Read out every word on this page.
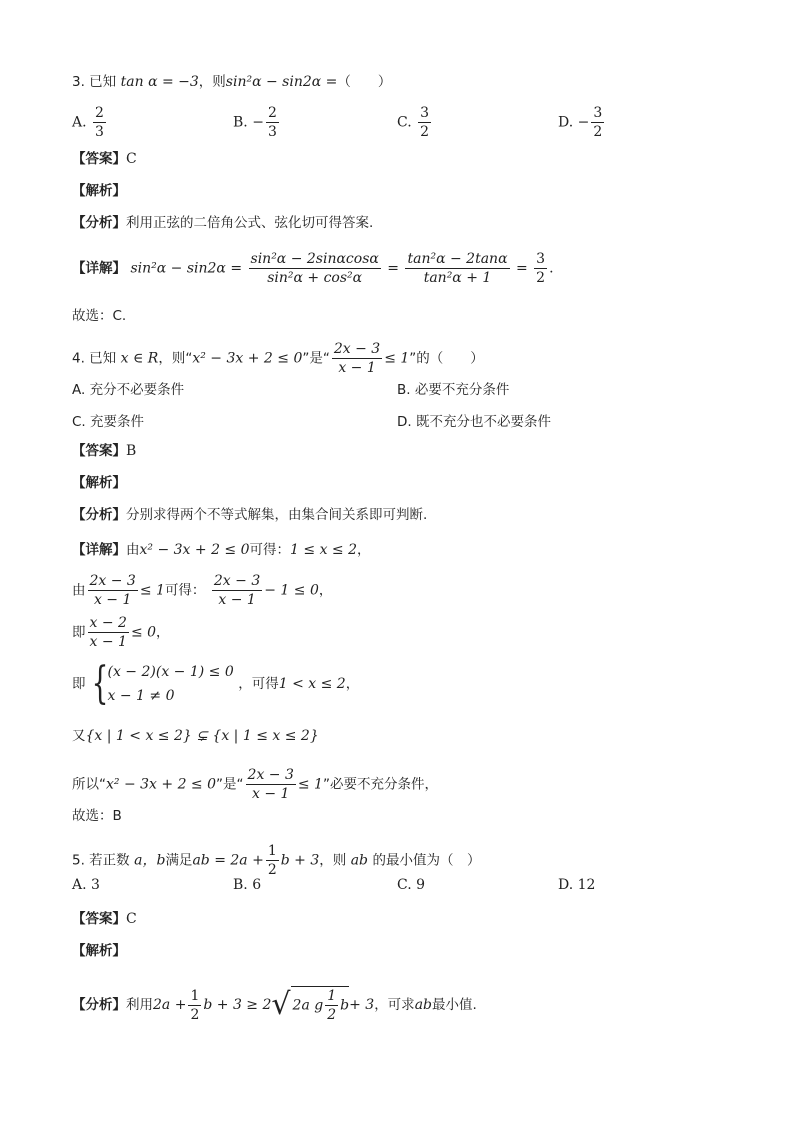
3. 已知 tan α = −3，则sin²α − sin2α =（　　）
A. $\frac{2}{3}$	B. − $\frac{2}{3}$	C. $\frac{3}{2}$	D. − $\frac{3}{2}$
【答案】C
【解析】
【分析】利用正弦的二倍角公式、弦化切可得答案.
【详解】 $\sin^2\alpha - \sin 2\alpha = \frac{\text{sin²α − 2sinαcosα}}{\text{sin²α + cos²α}} = \frac{\text{tan²α − 2tanα}}{\text{tan²α + 1}} = \frac{3}{2}$ .
故选：C.
4. 已知 x ∈ R，则“x² − 3x + 2 ≤ 0”是“ $\frac{2x - 3}{x - 1} \le 1$”的（　　）
A. 充分不必要条件	B. 必要不充分条件
C. 充要条件	D. 既不充分也不必要条件
【答案】B
【解析】
【分析】分别求得两个不等式解集，由集合间关系即可判断.
【详解】由x² − 3x + 2 ≤ 0可得：1 ≤ x ≤ 2，
由 $\frac{2x - 3}{x - 1} \le 1$可得： $\frac{2x - 3}{x - 1} - 1 \le 0$，
即 $\frac{x - 2}{x - 1} \le 0$，
即 { (x − 2)(x − 1) ≤ 0
x − 1 ≠ 0
，可得1 < x ≤ 2，
又{x | 1 < x ≤ 2} ⊊ {x | 1 ≤ x ≤ 2}
所以“x² − 3x + 2 ≤ 0”是“ $\frac{2x - 3}{x - 1} \le 1$”必要不充分条件，
故选：B
5. 若正数 a，b满足ab = $2a + \frac{1}{2}$ b + 3，则 ab 的最小值为（　）
A. 3	B. 6	C. 9	D. 12
【答案】C
【解析】
【分析】利用$2a + \frac{1}{2}$ b + 3 ≥ 2√ 2a g $\frac{1}{2} b+ 3$，可求ab最小值.
